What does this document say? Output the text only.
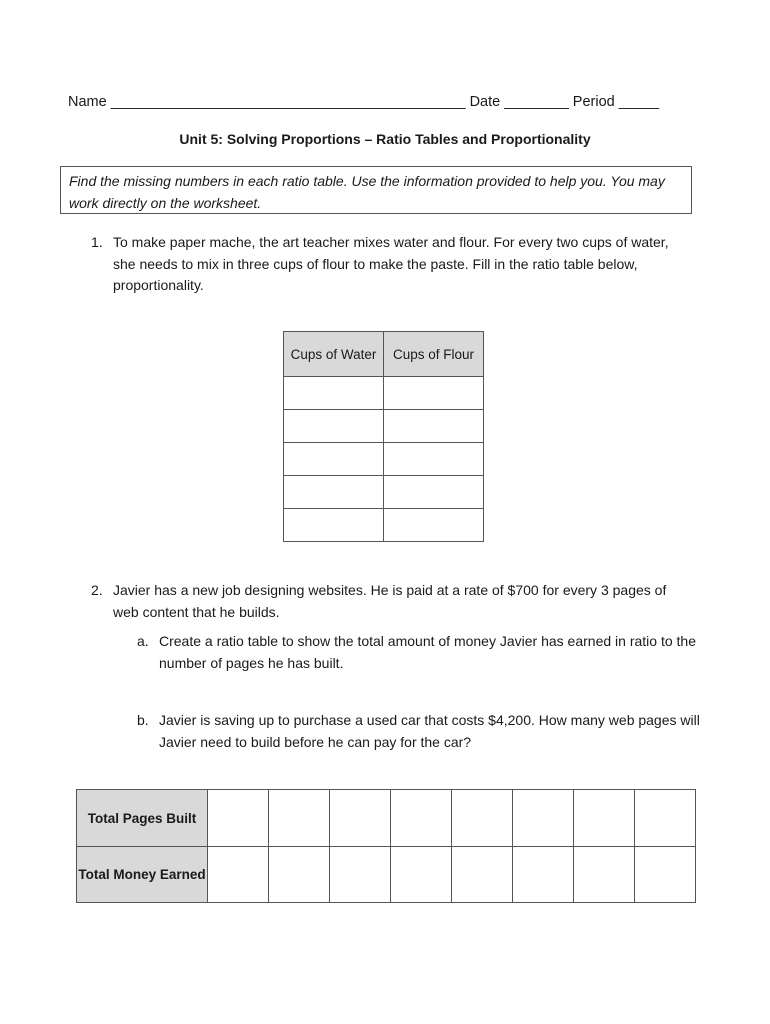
Name ____________________________________________ Date ________ Period _____
Unit 5: Solving Proportions – Ratio Tables and Proportionality
Find the missing numbers in each ratio table. Use the information provided to help you. You may work directly on the worksheet.
1. To make paper mache, the art teacher mixes water and flour. For every two cups of water, she needs to mix in three cups of flour to make the paste. Fill in the ratio table below, proportionality.
Cups of Water	Cups of Flour

2. Javier has a new job designing websites. He is paid at a rate of $700 for every 3 pages of web content that he builds.
a. Create a ratio table to show the total amount of money Javier has earned in ratio to the number of pages he has built.
b. Javier is saving up to purchase a used car that costs $4,200. How many web pages will Javier need to build before he can pay for the car?
Total Pages Built								
Total Money Earned								
